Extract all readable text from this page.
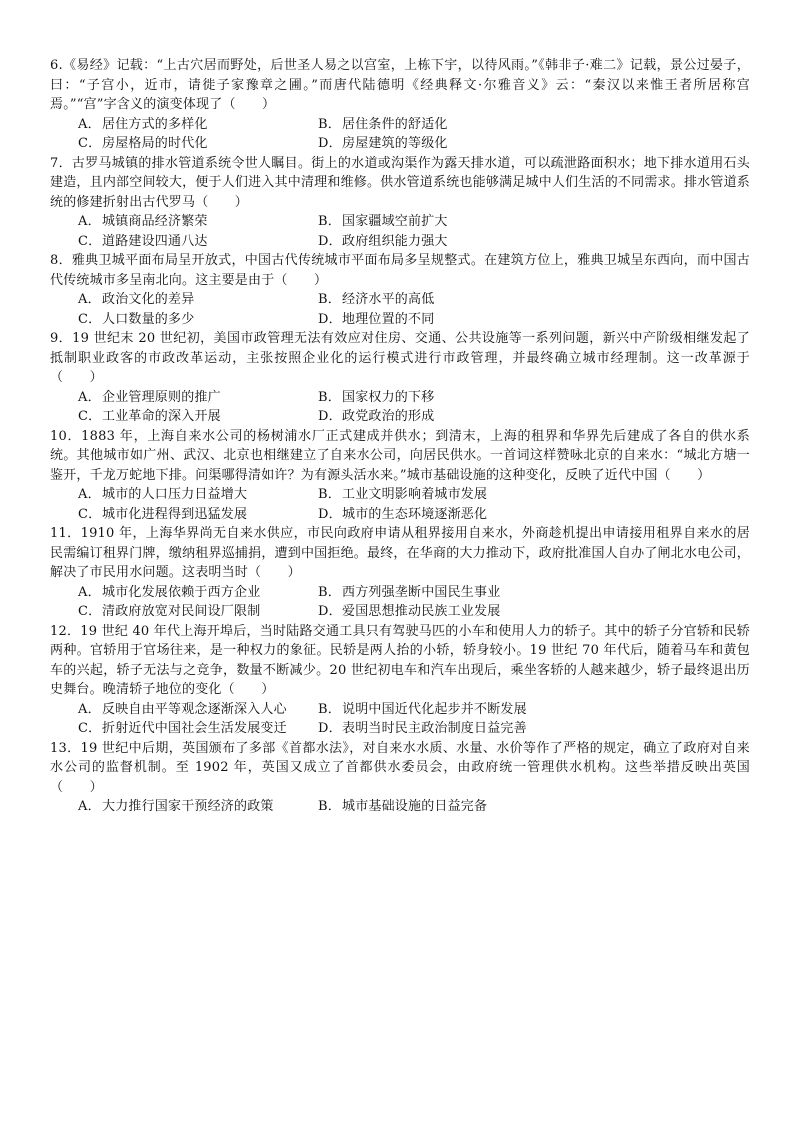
6.《易经》记载：“上古穴居而野处，后世圣人易之以宫室，上栋下宇，以待风雨。”《韩非子·难二》记载，景公过晏子，曰：“子宫小，近市，请徙子家豫章之圃。”而唐代陆德明《经典释文·尔雅音义》云：“秦汉以来惟王者所居称宫焉。”“宫”字含义的演变体现了（　　）
A．居住方式的多样化	B．居住条件的舒适化
C．房屋格局的时代化	D．房屋建筑的等级化
7．古罗马城镇的排水管道系统令世人瞩目。街上的水道或沟渠作为露天排水道，可以疏泄路面积水；地下排水道用石头建造，且内部空间较大，便于人们进入其中清理和维修。供水管道系统也能够满足城中人们生活的不同需求。排水管道系统的修建折射出古代罗马（　　）
A．城镇商品经济繁荣	B．国家疆域空前扩大
C．道路建设四通八达	D．政府组织能力强大
8．雅典卫城平面布局呈开放式，中国古代传统城市平面布局多呈规整式。在建筑方位上，雅典卫城呈东西向，而中国古代传统城市多呈南北向。这主要是由于（　　）
A．政治文化的差异	B．经济水平的高低
C．人口数量的多少	D．地理位置的不同
9．19 世纪末 20 世纪初，美国市政管理无法有效应对住房、交通、公共设施等一系列问题，新兴中产阶级相继发起了抵制职业政客的市政改革运动，主张按照企业化的运行模式进行市政管理，并最终确立城市经理制。这一改革源于（　　）
A．企业管理原则的推广	B．国家权力的下移
C．工业革命的深入开展	D．政党政治的形成
10．1883 年，上海自来水公司的杨树浦水厂正式建成并供水；到清末，上海的租界和华界先后建成了各自的供水系统。其他城市如广州、武汉、北京也相继建立了自来水公司，向居民供水。一首词这样赞咏北京的自来水：“城北方塘一鉴开，千龙万蛇地下排。问渠哪得清如许？为有源头活水来。”城市基础设施的这种变化，反映了近代中国（　　）
A．城市的人口压力日益增大	B．工业文明影响着城市发展
C．城市化进程得到迅猛发展	D．城市的生态环境逐渐恶化
11．1910 年，上海华界尚无自来水供应，市民向政府申请从租界接用自来水，外商趁机提出申请接用租界自来水的居民需编订租界门牌，缴纳租界巡捕捐，遭到中国拒绝。最终，在华商的大力推动下，政府批准国人自办了闸北水电公司，解决了市民用水问题。这表明当时（　　）
A．城市化发展依赖于西方企业	B．西方列强垄断中国民生事业
C．清政府放宽对民间设厂限制	D．爱国思想推动民族工业发展
12．19 世纪 40 年代上海开埠后，当时陆路交通工具只有驾驶马匹的小车和使用人力的轿子。其中的轿子分官轿和民轿两种。官轿用于官场往来，是一种权力的象征。民轿是两人抬的小轿，轿身较小。19 世纪 70 年代后，随着马车和黄包车的兴起，轿子无法与之竞争，数量不断减少。20 世纪初电车和汽车出现后，乘坐客轿的人越来越少，轿子最终退出历史舞台。晚清轿子地位的变化（　　）
A．反映自由平等观念逐渐深入人心	B．说明中国近代化起步并不断发展
C．折射近代中国社会生活发展变迁	D．表明当时民主政治制度日益完善
13．19 世纪中后期，英国颁布了多部《首都水法》，对自来水水质、水量、水价等作了严格的规定，确立了政府对自来水公司的监督机制。至 1902 年，英国又成立了首都供水委员会，由政府统一管理供水机构。这些举措反映出英国（　　）
A．大力推行国家干预经济的政策	B．城市基础设施的日益完备
